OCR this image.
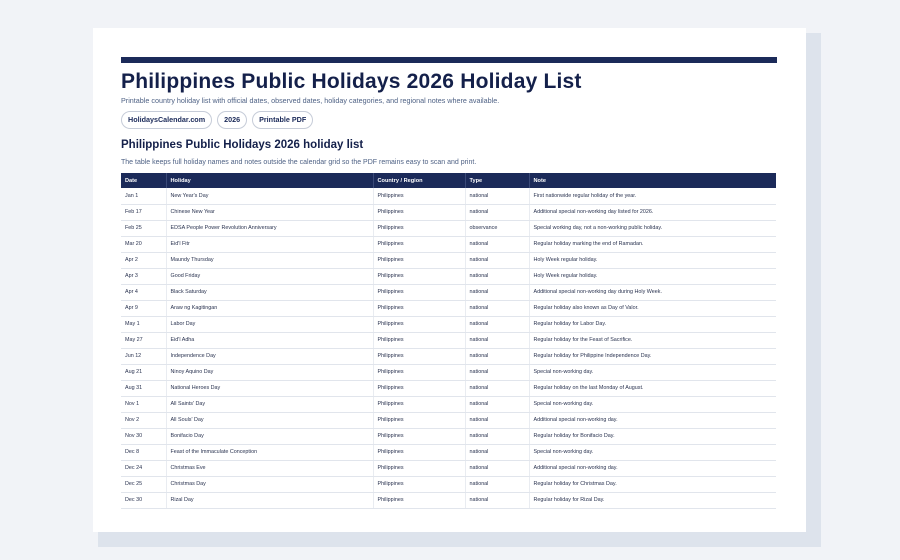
Philippines Public Holidays 2026 Holiday List

Printable country holiday list with official dates, observed dates, holiday categories, and regional notes where available.

HolidaysCalendar.com	2026	Printable PDF
Philippines Public Holidays 2026 holiday list

The table keeps full holiday names and notes outside the calendar grid so the PDF remains easy to scan and print.

Date	Holiday	Country / Region	Type	Note
Jan 1	New Year's Day	Philippines	national	First nationwide regular holiday of the year.
Feb 17	Chinese New Year	Philippines	national	Additional special non-working day listed for 2026.
Feb 25	EDSA People Power Revolution Anniversary	Philippines	observance	Special working day, not a non-working public holiday.
Mar 20	Eid'l Fitr	Philippines	national	Regular holiday marking the end of Ramadan.
Apr 2	Maundy Thursday	Philippines	national	Holy Week regular holiday.
Apr 3	Good Friday	Philippines	national	Holy Week regular holiday.
Apr 4	Black Saturday	Philippines	national	Additional special non-working day during Holy Week.
Apr 9	Araw ng Kagitingan	Philippines	national	Regular holiday also known as Day of Valor.
May 1	Labor Day	Philippines	national	Regular holiday for Labor Day.
May 27	Eid'l Adha	Philippines	national	Regular holiday for the Feast of Sacrifice.
Jun 12	Independence Day	Philippines	national	Regular holiday for Philippine Independence Day.
Aug 21	Ninoy Aquino Day	Philippines	national	Special non-working day.
Aug 31	National Heroes Day	Philippines	national	Regular holiday on the last Monday of August.
Nov 1	All Saints' Day	Philippines	national	Special non-working day.
Nov 2	All Souls' Day	Philippines	national	Additional special non-working day.
Nov 30	Bonifacio Day	Philippines	national	Regular holiday for Bonifacio Day.
Dec 8	Feast of the Immaculate Conception	Philippines	national	Special non-working day.
Dec 24	Christmas Eve	Philippines	national	Additional special non-working day.
Dec 25	Christmas Day	Philippines	national	Regular holiday for Christmas Day.
Dec 30	Rizal Day	Philippines	national	Regular holiday for Rizal Day.
